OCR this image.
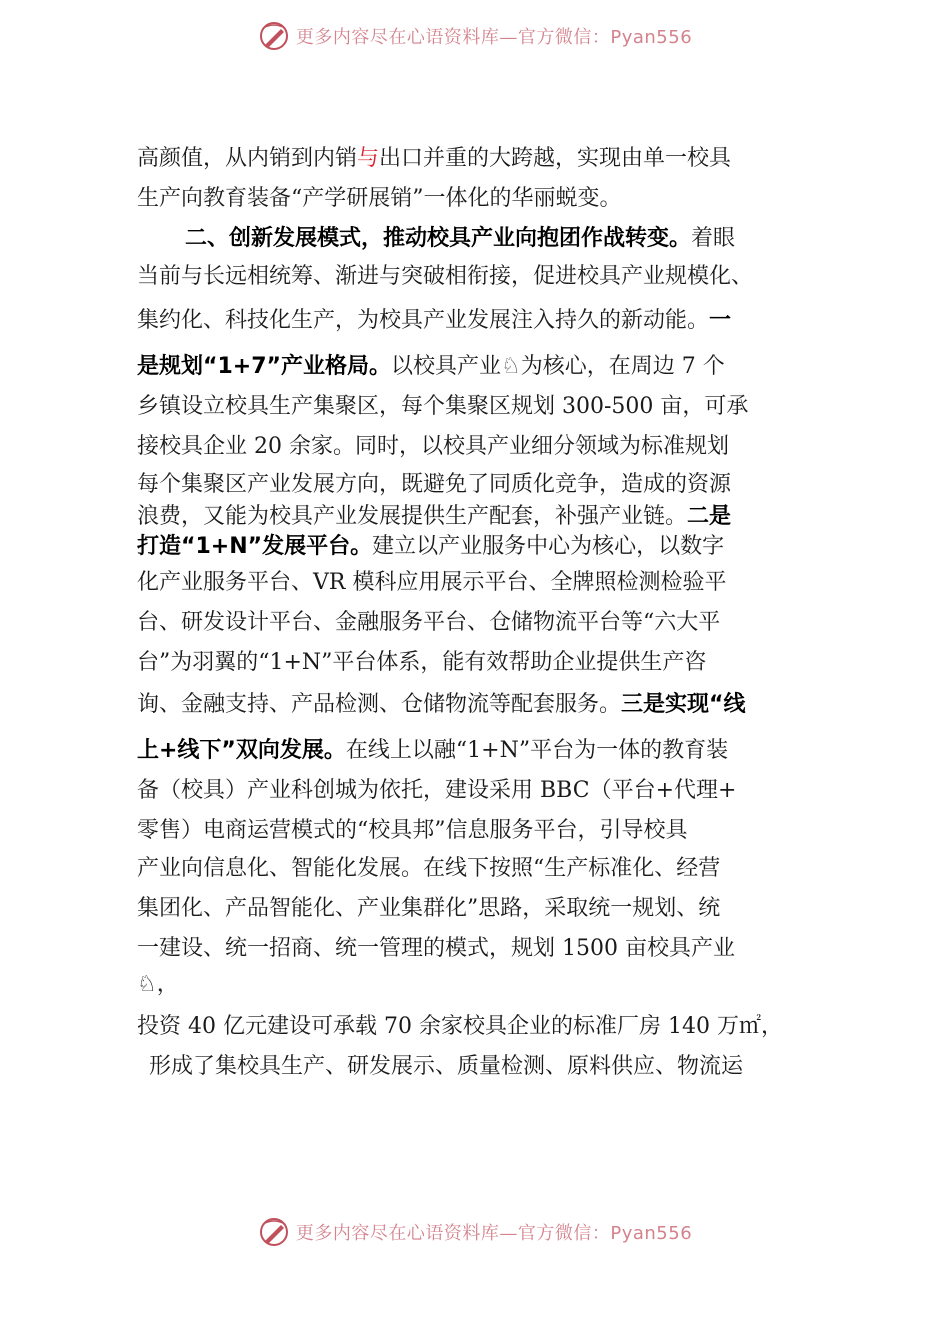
更多内容尽在心语资料库—官方微信：Pyan556
高颜值，从内销到内销与出口并重的大跨越，实现由单一校具
生产向教育装备“产学研展销”一体化的华丽蜕变。
二、创新发展模式，推动校具产业向抱团作战转变。着眼
当前与长远相统筹、渐进与突破相衔接，促进校具产业规模化、
集约化、科技化生产，为校具产业发展注入持久的新动能。一
是规划“1+7”产业格局。以校具产业♘为核心，在周边 7 个
乡镇设立校具生产集聚区，每个集聚区规划 300-500 亩，可承
接校具企业 20 余家。同时，以校具产业细分领域为标准规划
每个集聚区产业发展方向，既避免了同质化竞争，造成的资源
浪费，又能为校具产业发展提供生产配套，补强产业链。二是
打造“1+N”发展平台。建立以产业服务中心为核心，以数字
化产业服务平台、VR 模科应用展示平台、全牌照检测检验平
台、研发设计平台、金融服务平台、仓储物流平台等“六大平
台”为羽翼的“1+N”平台体系，能有效帮助企业提供生产咨
询、金融支持、产品检测、仓储物流等配套服务。三是实现“线
上+线下”双向发展。在线上以融“1+N”平台为一体的教育装
备（校具）产业科创城为依托，建设采用 BBC（平台+代理+
零售）电商运营模式的“校具邦”信息服务平台，引导校具
产业向信息化、智能化发展。在线下按照“生产标准化、经营
集团化、产品智能化、产业集群化”思路，采取统一规划、统
一建设、统一招商、统一管理的模式，规划 1500 亩校具产业
♘，
投资 40 亿元建设可承载 70 余家校具企业的标准厂房 140 万㎡，
形成了集校具生产、研发展示、质量检测、原料供应、物流运
更多内容尽在心语资料库—官方微信：Pyan556
